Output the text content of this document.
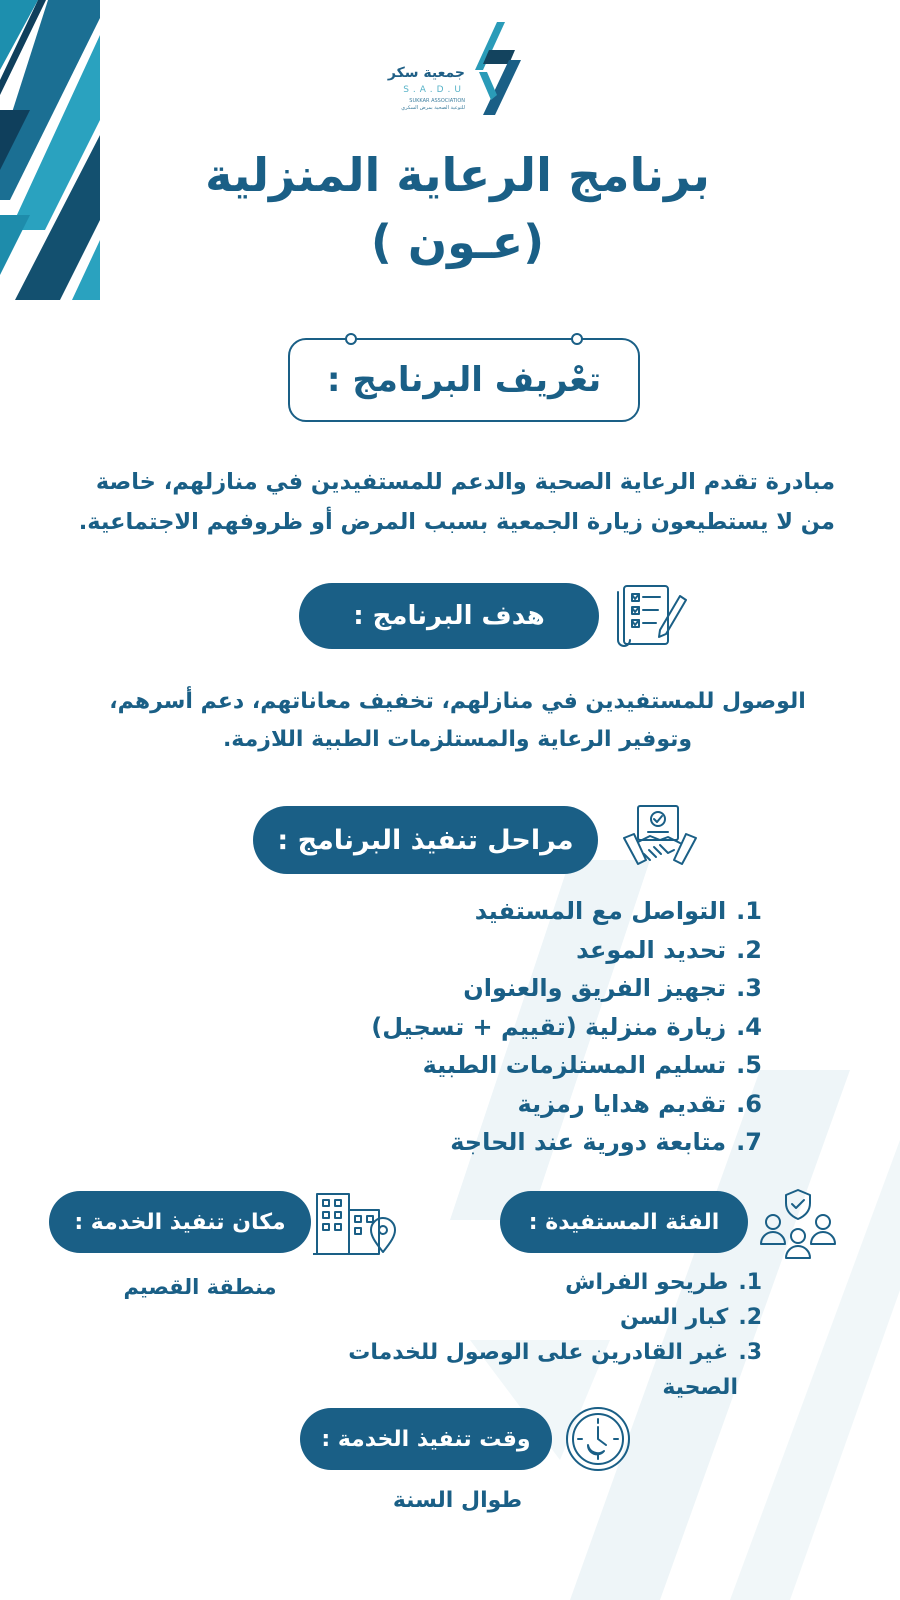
جمعية سكر
S.A.D.U
SUKKAR ASSOCIATION
للتوعية الصحية بمرض السكري
برنامج الرعاية المنزلية
(عـون )
تعْريف البرنامج :
مبادرة تقدم الرعاية الصحية والدعم للمستفيدين في منازلهم، خاصة
من لا يستطيعون زيارة الجمعية بسبب المرض أو ظروفهم الاجتماعية.
هدف البرنامج :
الوصول للمستفيدين في منازلهم، تخفيف معاناتهم، دعم أسرهم،
وتوفير الرعاية والمستلزمات الطبية اللازمة.
مراحل تنفيذ البرنامج :
1.التواصل مع المستفيد
2.تحديد الموعد
3.تجهيز الفريق والعنوان
4.زيارة منزلية (تقييم + تسجيل)
5.تسليم المستلزمات الطبية
6.تقديم هدايا رمزية
7.متابعة دورية عند الحاجة
مكان تنفيذ الخدمة :
منطقة القصيم
الفئة المستفيدة :
1.طريحو الفراش
2.كبار السن
3.غير القادرين على الوصول للخدمات
الصحية
وقت تنفيذ الخدمة :
طوال السنة
